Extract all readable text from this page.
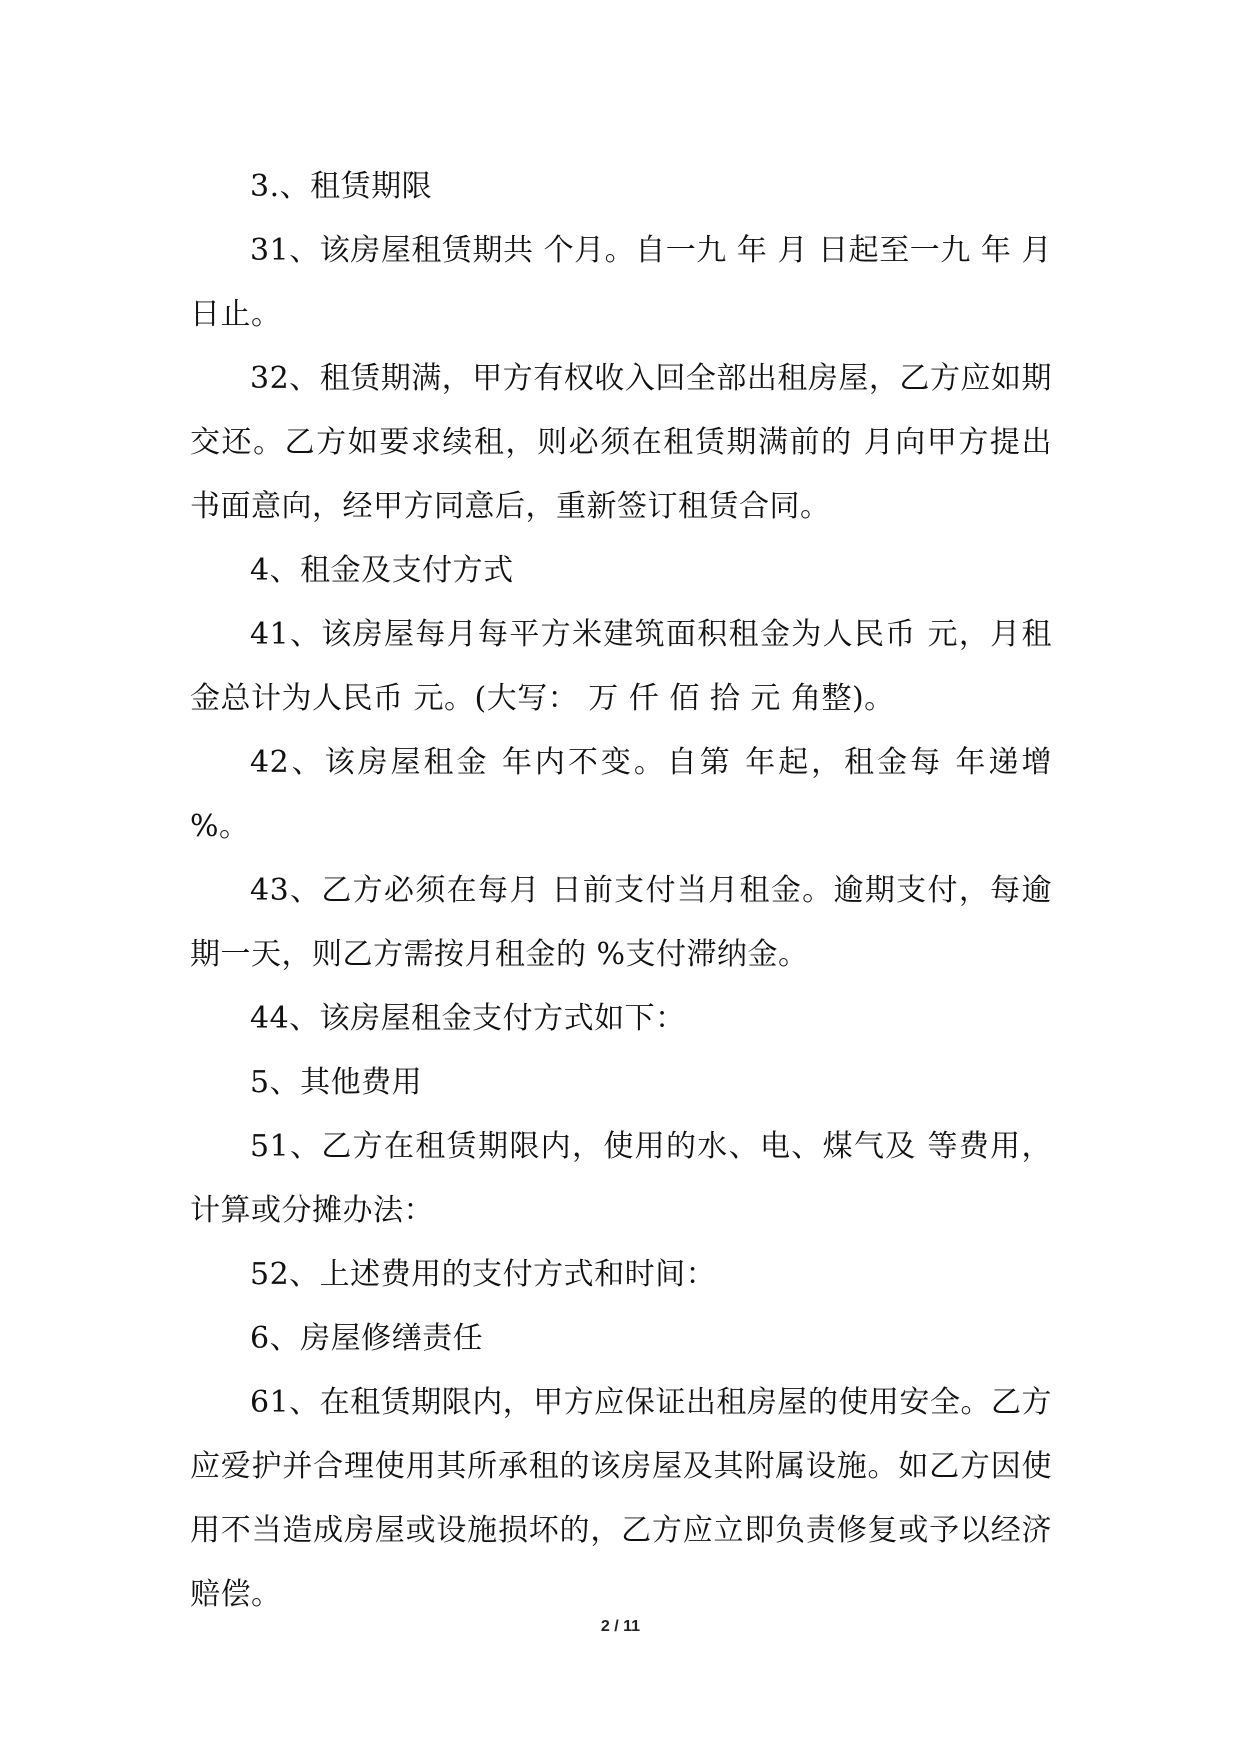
3.、租赁期限

31、该房屋租赁期共 个月。自一九 年 月 日起至一九 年 月日止。

32、租赁期满，甲方有权收入回全部出租房屋，乙方应如期交还。乙方如要求续租，则必须在租赁期满前的 月向甲方提出书面意向，经甲方同意后，重新签订租赁合同。

4、租金及支付方式

41、该房屋每月每平方米建筑面积租金为人民币 元，月租金总计为人民币 元。(大写： 万 仟 佰 拾 元 角整)。

42、该房屋租金 年内不变。自第 年起，租金每 年递增 %。

43、乙方必须在每月 日前支付当月租金。逾期支付，每逾期一天，则乙方需按月租金的 %支付滞纳金。

44、该房屋租金支付方式如下：

5、其他费用

51、乙方在租赁期限内，使用的水、电、煤气及 等费用，计算或分摊办法：

52、上述费用的支付方式和时间：

6、房屋修缮责任

61、在租赁期限内，甲方应保证出租房屋的使用安全。乙方应爱护并合理使用其所承租的该房屋及其附属设施。如乙方因使用不当造成房屋或设施损坏的，乙方应立即负责修复或予以经济赔偿。

2 / 11
